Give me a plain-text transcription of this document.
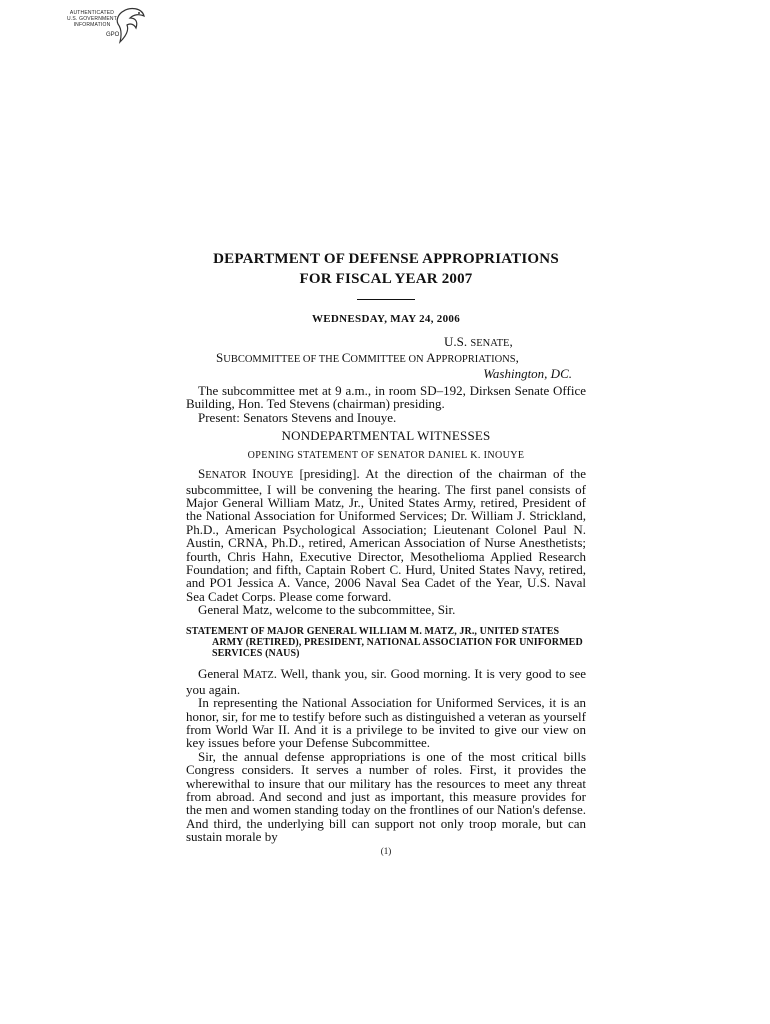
AUTHENTICATED
U.S. GOVERNMENT
INFORMATION
GPO
DEPARTMENT OF DEFENSE APPROPRIATIONS
FOR FISCAL YEAR 2007
WEDNESDAY, MAY 24, 2006
U.S. SENATE,
SUBCOMMITTEE OF THE COMMITTEE ON APPROPRIATIONS,
Washington, DC.
The subcommittee met at 9 a.m., in room SD–192, Dirksen Senate Office Building, Hon. Ted Stevens (chairman) presiding.
Present: Senators Stevens and Inouye.
NONDEPARTMENTAL WITNESSES
OPENING STATEMENT OF SENATOR DANIEL K. INOUYE
SENATOR INOUYE [presiding]. At the direction of the chairman of the subcommittee, I will be convening the hearing. The first panel consists of Major General William Matz, Jr., United States Army, retired, President of the National Association for Uniformed Services; Dr. William J. Strickland, Ph.D., American Psychological Association; Lieutenant Colonel Paul N. Austin, CRNA, Ph.D., retired, American Association of Nurse Anesthetists; fourth, Chris Hahn, Executive Director, Mesothelioma Applied Research Foundation; and fifth, Captain Robert C. Hurd, United States Navy, retired, and PO1 Jessica A. Vance, 2006 Naval Sea Cadet of the Year, U.S. Naval Sea Cadet Corps. Please come forward.
General Matz, welcome to the subcommittee, Sir.
STATEMENT OF MAJOR GENERAL WILLIAM M. MATZ, JR., UNITED STATES ARMY (RETIRED), PRESIDENT, NATIONAL ASSOCIATION FOR UNIFORMED SERVICES (NAUS)
General MATZ. Well, thank you, sir. Good morning. It is very good to see you again.
In representing the National Association for Uniformed Services, it is an honor, sir, for me to testify before such as distinguished a veteran as yourself from World War II. And it is a privilege to be invited to give our view on key issues before your Defense Subcommittee.
Sir, the annual defense appropriations is one of the most critical bills Congress considers. It serves a number of roles. First, it provides the wherewithal to insure that our military has the resources to meet any threat from abroad. And second and just as important, this measure provides for the men and women standing today on the frontlines of our Nation's defense. And third, the underlying bill can support not only troop morale, but can sustain morale by
(1)
